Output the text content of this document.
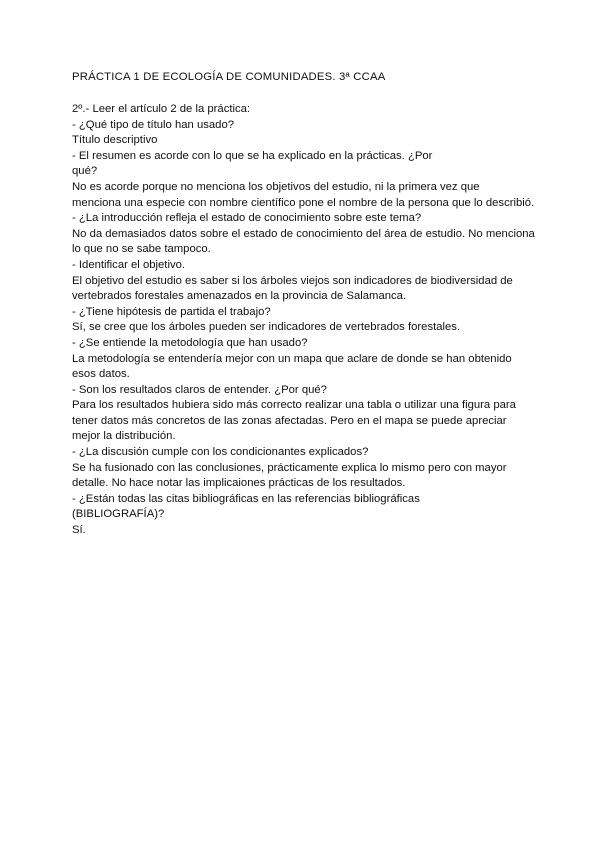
PRÁCTICA 1 DE ECOLOGÍA DE COMUNIDADES. 3ª CCAA
2º.- Leer el artículo 2 de la práctica:
- ¿Qué tipo de título han usado?
Título descriptivo
- El resumen es acorde con lo que se ha explicado en la prácticas. ¿Por
qué?
No es acorde porque no menciona los objetivos del estudio, ni la primera vez que
menciona una especie con nombre científico pone el nombre de la persona que lo describió.
- ¿La introducción refleja el estado de conocimiento sobre este tema?
No da demasiados datos sobre el estado de conocimiento del área de estudio. No menciona
lo que no se sabe tampoco.
- Identificar el objetivo.
El objetivo del estudio es saber si los árboles viejos son indicadores de biodiversidad de
vertebrados forestales amenazados en la provincia de Salamanca.
- ¿Tiene hipótesis de partida el trabajo?
Sí, se cree que los árboles pueden ser indicadores de vertebrados forestales.
- ¿Se entiende la metodología que han usado?
La metodología se entendería mejor con un mapa que aclare de donde se han obtenido
esos datos.
- Son los resultados claros de entender. ¿Por qué?
Para los resultados hubiera sido más correcto realizar una tabla o utilizar una figura para
tener datos más concretos de las zonas afectadas. Pero en el mapa se puede apreciar
mejor la distribución.
- ¿La discusión cumple con los condicionantes explicados?
Se ha fusionado con las conclusiones, prácticamente explica lo mismo pero con mayor
detalle. No hace notar las implicaiones prácticas de los resultados.
- ¿Están todas las citas bibliográficas en las referencias bibliográficas
(BIBLIOGRAFÍA)?
Sí.
